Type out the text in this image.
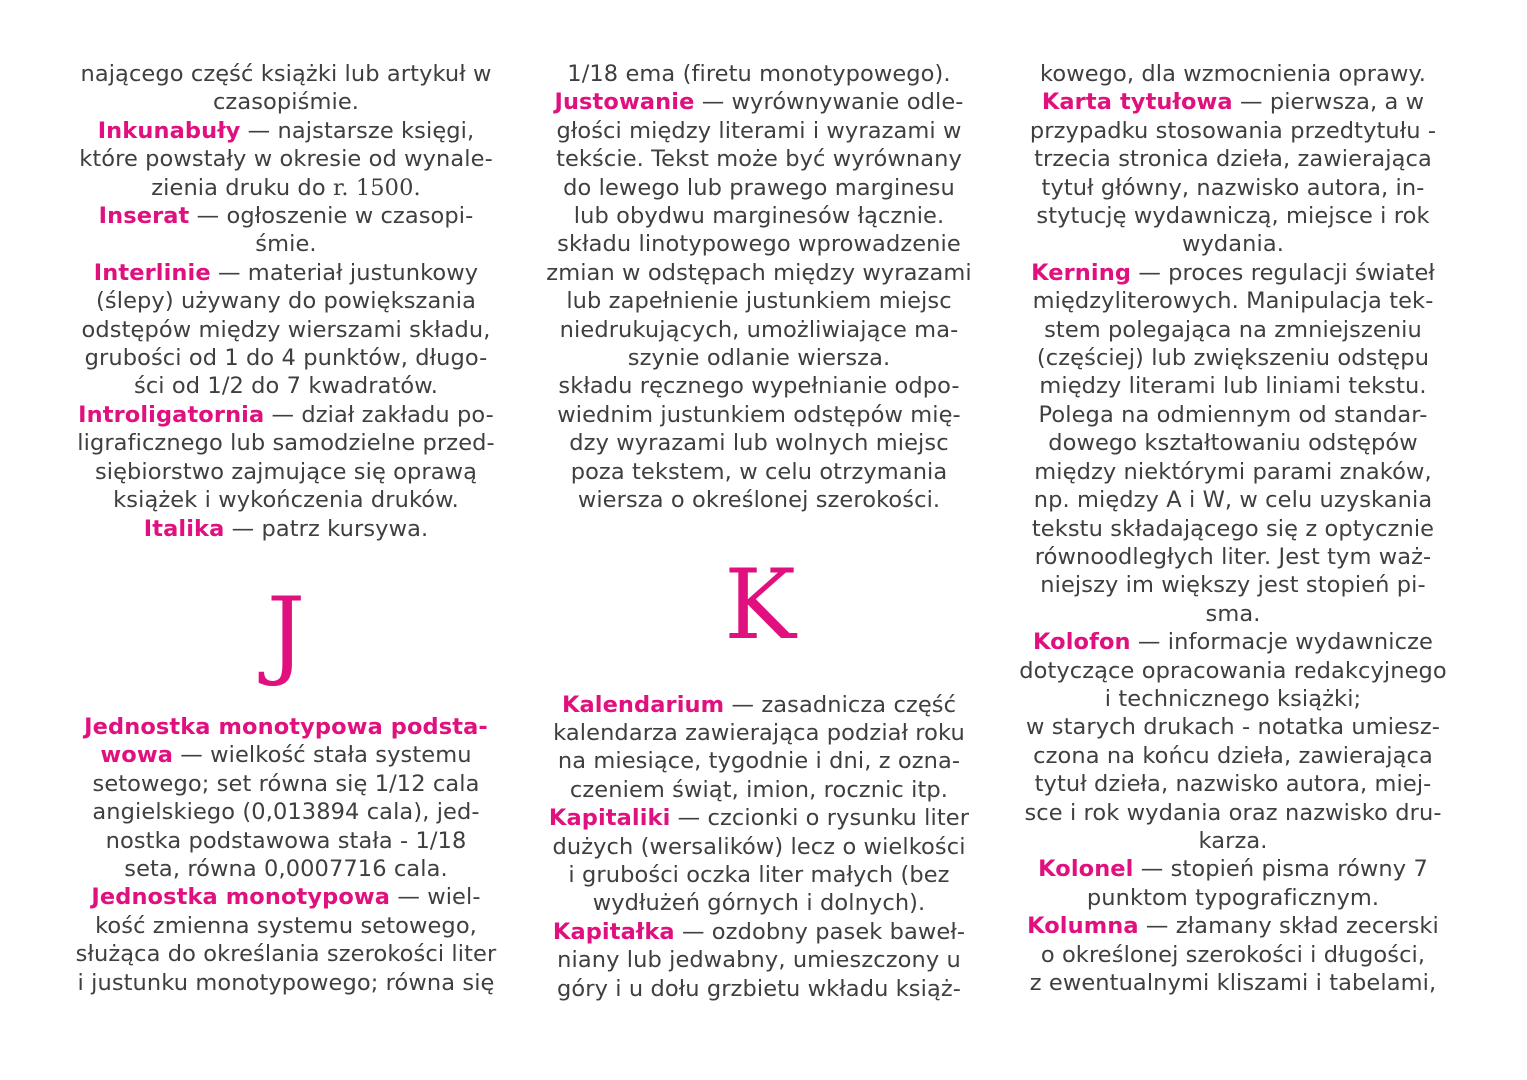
nającego część książki lub artykuł w
czasopiśmie.
Inkunabuły — najstarsze księgi,
które powstały w okresie od wynale-
zienia druku do r. 1500.
Inserat — ogłoszenie w czasopi-
śmie.
Interlinie — materiał justunkowy
(ślepy) używany do powiększania
odstępów między wierszami składu,
grubości od 1 do 4 punktów, długo-
ści od 1/2 do 7 kwadratów.
Introligatornia — dział zakładu po-
ligraficznego lub samodzielne przed-
siębiorstwo zajmujące się oprawą
książek i wykończenia druków.
Italika — patrz kursywa.
Jednostka monotypowa podsta-
wowa — wielkość stała systemu
setowego; set równa się 1/12 cala
angielskiego (0,013894 cala), jed-
nostka podstawowa stała - 1/18
seta, równa 0,0007716 cala.
Jednostka monotypowa — wiel-
kość zmienna systemu setowego,
służąca do określania szerokości liter
i justunku monotypowego; równa się
J
1/18 ema (firetu monotypowego).
Justowanie — wyrównywanie odle-
głości między literami i wyrazami w
tekście. Tekst może być wyrównany
do lewego lub prawego marginesu
lub obydwu marginesów łącznie.
składu linotypowego wprowadzenie
zmian w odstępach między wyrazami
lub zapełnienie justunkiem miejsc
niedrukujących, umożliwiające ma-
szynie odlanie wiersza.
składu ręcznego wypełnianie odpo-
wiednim justunkiem odstępów mię-
dzy wyrazami lub wolnych miejsc
poza tekstem, w celu otrzymania
wiersza o określonej szerokości.
Kalendarium — zasadnicza część
kalendarza zawierająca podział roku
na miesiące, tygodnie i dni, z ozna-
czeniem świąt, imion, rocznic itp.
Kapitaliki — czcionki o rysunku liter
dużych (wersalików) lecz o wielkości
i grubości oczka liter małych (bez
wydłużeń górnych i dolnych).
Kapitałka — ozdobny pasek baweł-
niany lub jedwabny, umieszczony u
góry i u dołu grzbietu wkładu książ-
K
kowego, dla wzmocnienia oprawy.
Karta tytułowa — pierwsza, a w
przypadku stosowania przedtytułu -
trzecia stronica dzieła, zawierająca
tytuł główny, nazwisko autora, in-
stytucję wydawniczą, miejsce i rok
wydania.
Kerning — proces regulacji świateł
międzyliterowych. Manipulacja tek-
stem polegająca na zmniejszeniu
(częściej) lub zwiększeniu odstępu
między literami lub liniami tekstu.
Polega na odmiennym od standar-
dowego kształtowaniu odstępów
między niektórymi parami znaków,
np. między A i W, w celu uzyskania
tekstu składającego się z optycznie
równoodległych liter. Jest tym waż-
niejszy im większy jest stopień pi-
sma.
Kolofon — informacje wydawnicze
dotyczące opracowania redakcyjnego
i technicznego książki;
w starych drukach - notatka umiesz-
czona na końcu dzieła, zawierająca
tytuł dzieła, nazwisko autora, miej-
sce i rok wydania oraz nazwisko dru-
karza.
Kolonel — stopień pisma równy 7
punktom typograficznym.
Kolumna — złamany skład zecerski
o określonej szerokości i długości,
z ewentualnymi kliszami i tabelami,
